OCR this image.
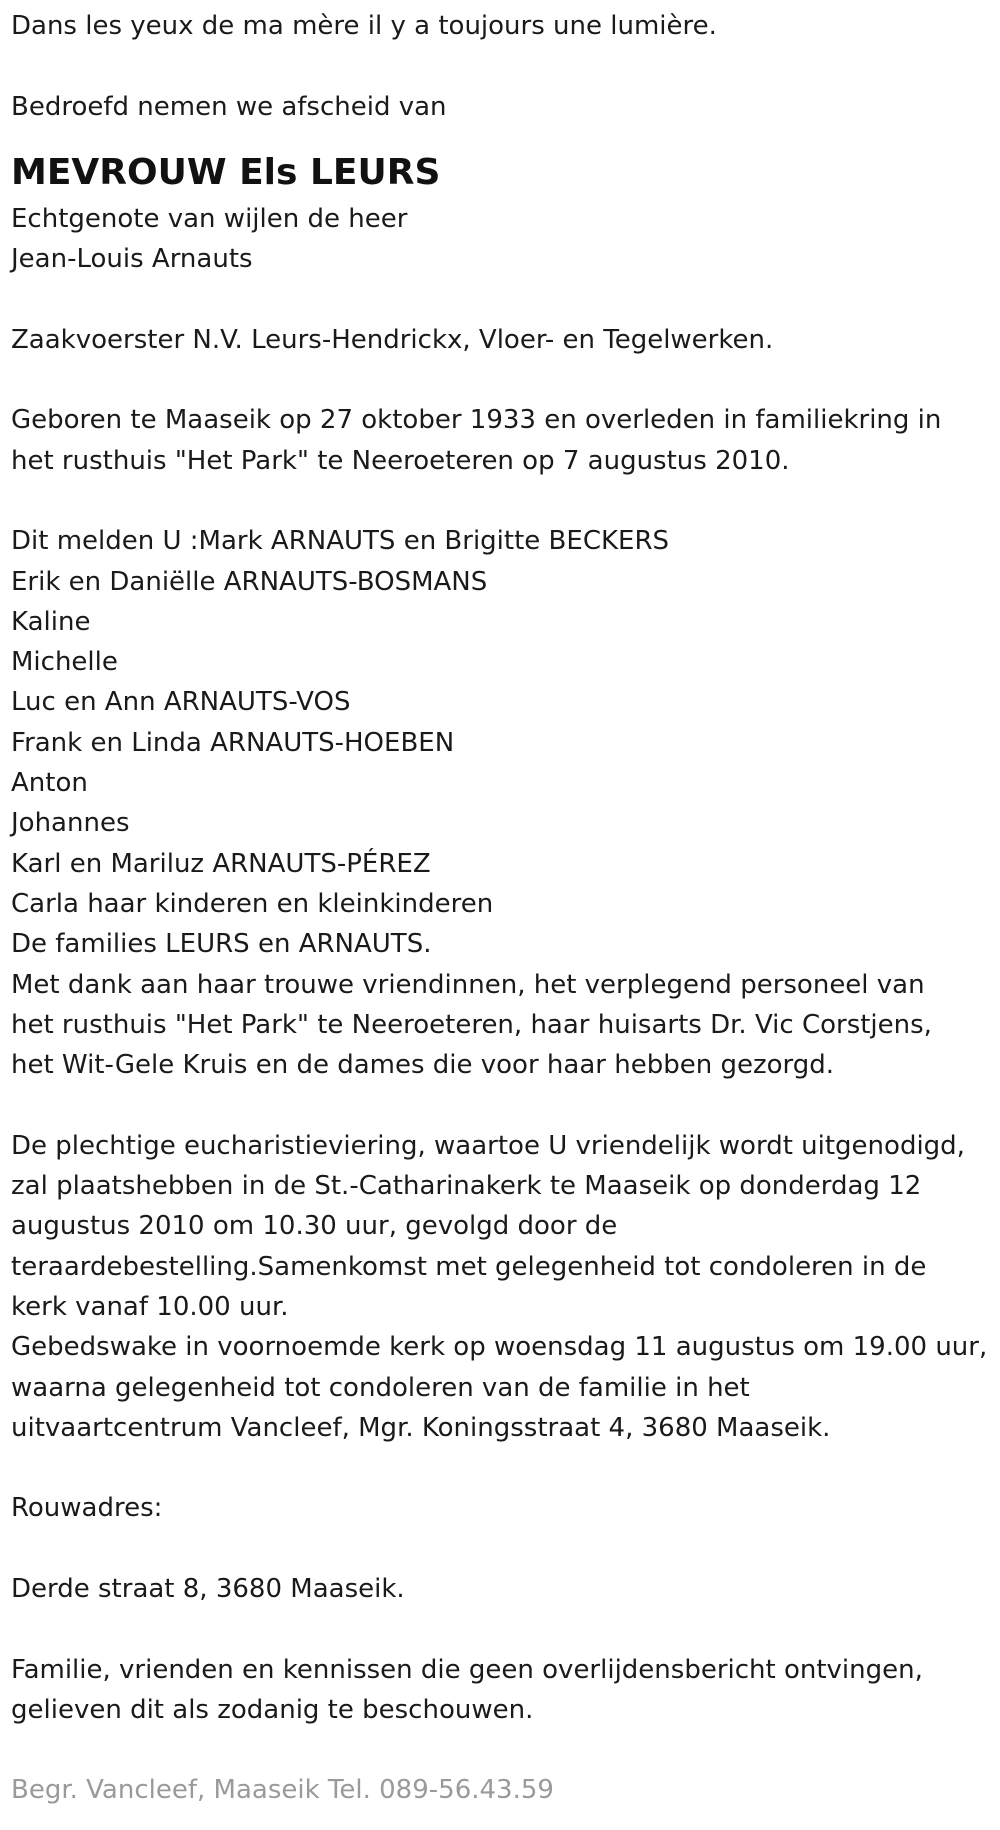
Dans les yeux de ma mère il y a toujours une lumière.

Bedroefd nemen we afscheid van

MEVROUW Els LEURS

Echtgenote van wijlen de heer

Jean-Louis Arnauts

Zaakvoerster N.V. Leurs-Hendrickx, Vloer- en Tegelwerken.

Geboren te Maaseik op 27 oktober 1933 en overleden in familiekring in

het rusthuis "Het Park" te Neeroeteren op 7 augustus 2010.

Dit melden U :Mark ARNAUTS en Brigitte BECKERS

Erik en Daniëlle ARNAUTS-BOSMANS

Kaline

Michelle

Luc en Ann ARNAUTS-VOS

Frank en Linda ARNAUTS-HOEBEN

Anton

Johannes

Karl en Mariluz ARNAUTS-PÉREZ

Carla haar kinderen en kleinkinderen

De families LEURS en ARNAUTS.

Met dank aan haar trouwe vriendinnen, het verplegend personeel van

het rusthuis "Het Park" te Neeroeteren, haar huisarts Dr. Vic Corstjens,

het Wit-Gele Kruis en de dames die voor haar hebben gezorgd.

De plechtige eucharistieviering, waartoe U vriendelijk wordt uitgenodigd,

zal plaatshebben in de St.-Catharinakerk te Maaseik op donderdag 12

augustus 2010 om 10.30 uur, gevolgd door de

teraardebestelling.Samenkomst met gelegenheid tot condoleren in de

kerk vanaf 10.00 uur.

Gebedswake in voornoemde kerk op woensdag 11 augustus om 19.00 uur,

waarna gelegenheid tot condoleren van de familie in het

uitvaartcentrum Vancleef, Mgr. Koningsstraat 4, 3680 Maaseik.

Rouwadres:

Derde straat 8, 3680 Maaseik.

Familie, vrienden en kennissen die geen overlijdensbericht ontvingen,

gelieven dit als zodanig te beschouwen.

Begr. Vancleef, Maaseik Tel. 089-56.43.59
